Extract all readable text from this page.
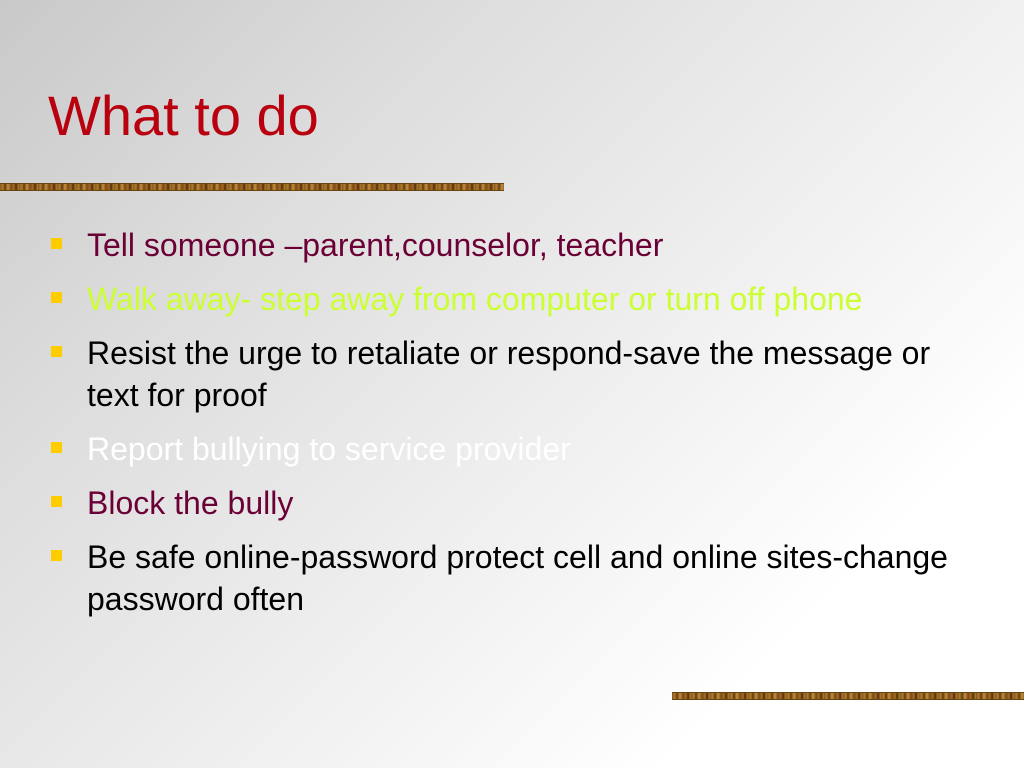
What to do
Tell someone –parent,counselor, teacher
Walk away- step away from computer or turn off phone
Resist the urge to retaliate or respond-save the message or text for proof
Report bullying to service provider
Block the bully
Be safe online-password protect cell and online sites-change password often
